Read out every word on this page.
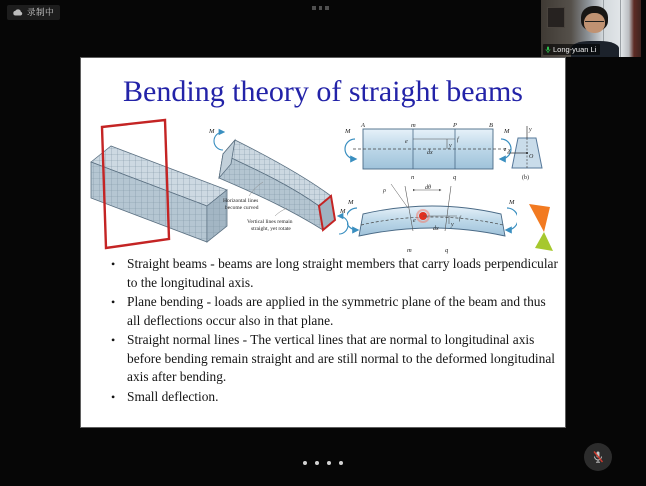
录制中
Long-yuan Li
Bending theory of straight beams
M
M
Horizontal lines
become curved
Vertical lines remain
straight, yet rotate
A	m	P	B
n	q
e	f
dx
y
x
M	M
dθ
ρ
e	f
dx
y
m	q
M	M
y
z
O
(b)
• Straight beams - beams are long straight members that carry loads perpendicular to the longitudinal axis.
• Plane bending - loads are applied in the symmetric plane of the beam and thus all deflections occur also in that plane.
• Straight normal lines - The vertical lines that are normal to longitudinal axis before bending remain straight and are still normal to the deformed longitudinal axis after bending.
• Small deflection.
